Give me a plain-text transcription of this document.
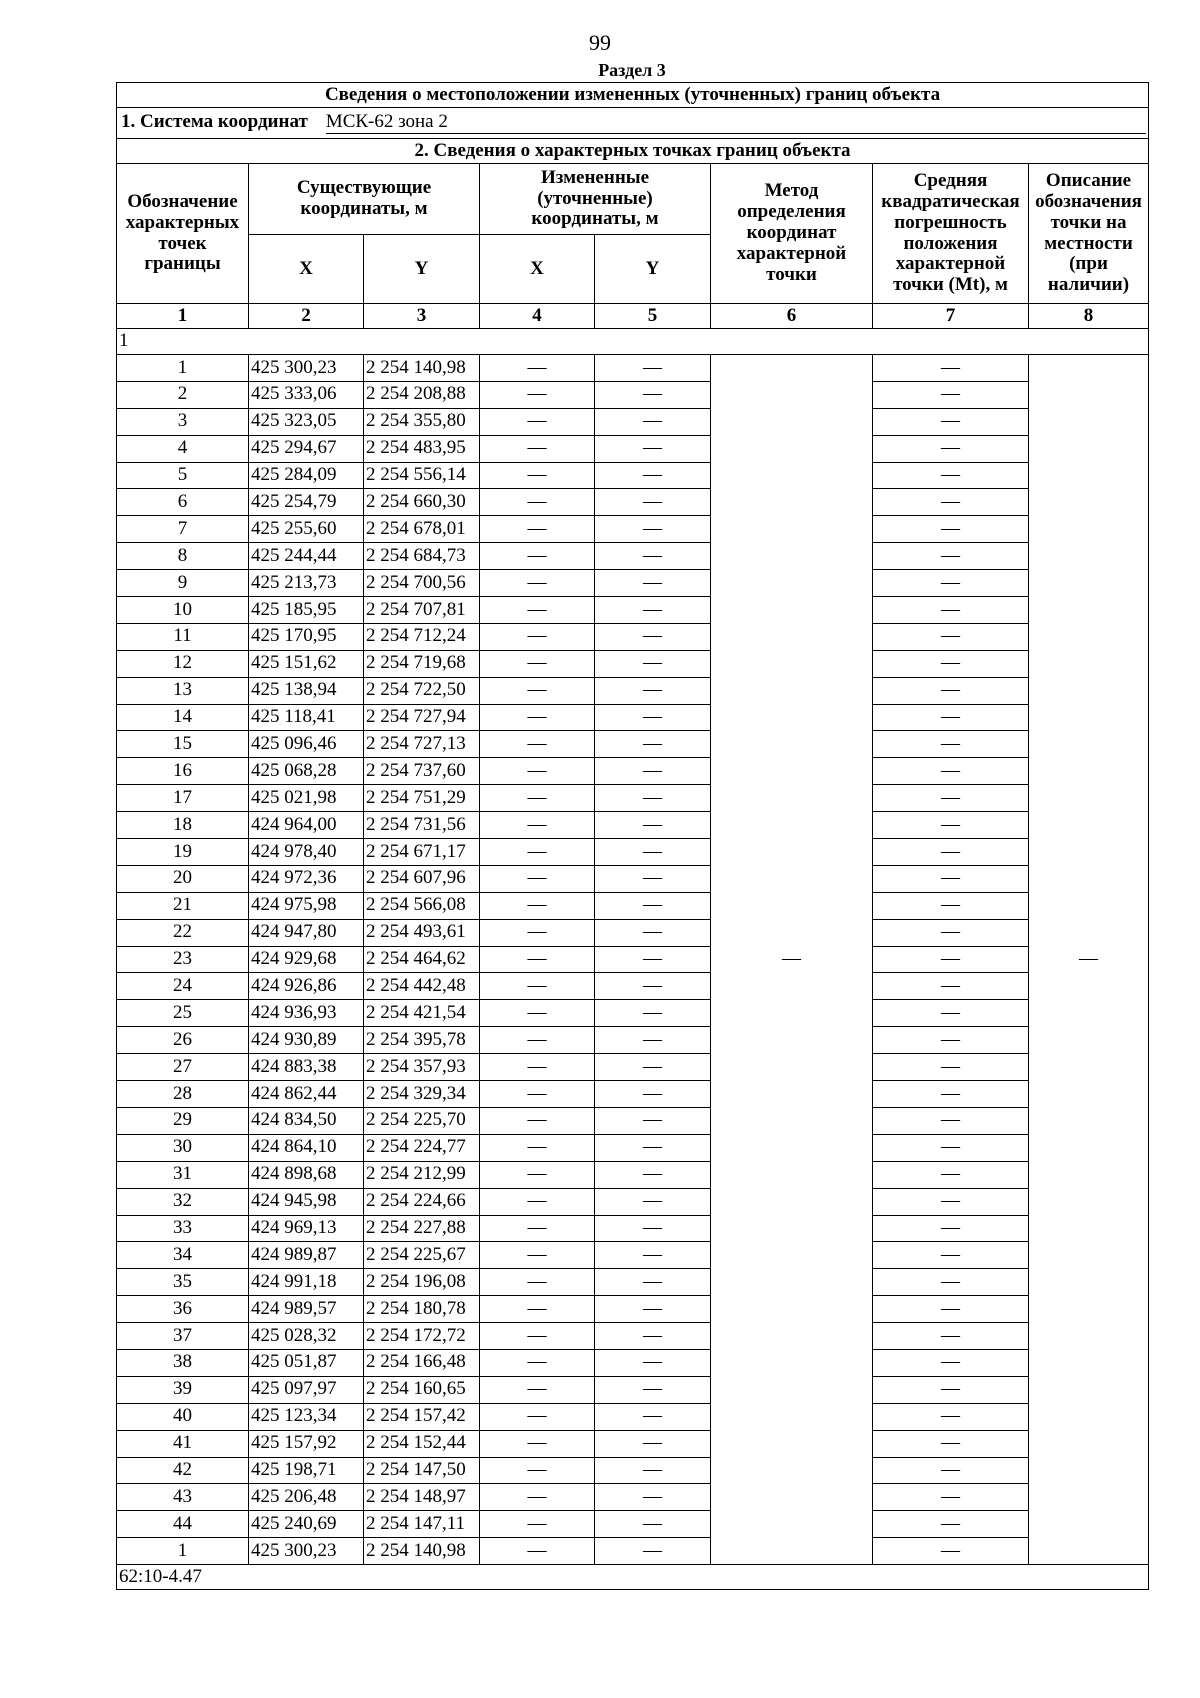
99
Раздел 3
Сведения о местоположении измененных (уточненных) границ объекта							
1. Система координат МСК-62 зона 2							
2. Сведения о характерных точках границ объекта							
Обозначение характерных точек границы	Существующие координаты, м		Измененные (уточненные) координаты, м		Метод определения координат характерной точки	Средняя квадратическая погрешность положения характерной точки (Mt), м	Описание обозначения точки на местности (при наличии)
	X	Y	X	Y			
1	2	3	4	5	6	7	8
1							
1	425 300,23	2 254 140,98	—	—	—	—	—
2	425 333,06	2 254 208,88	—	—		—	
3	425 323,05	2 254 355,80	—	—		—	
4	425 294,67	2 254 483,95	—	—		—	
5	425 284,09	2 254 556,14	—	—		—	
6	425 254,79	2 254 660,30	—	—		—	
7	425 255,60	2 254 678,01	—	—		—	
8	425 244,44	2 254 684,73	—	—		—	
9	425 213,73	2 254 700,56	—	—		—	
10	425 185,95	2 254 707,81	—	—		—	
11	425 170,95	2 254 712,24	—	—		—	
12	425 151,62	2 254 719,68	—	—		—	
13	425 138,94	2 254 722,50	—	—		—	
14	425 118,41	2 254 727,94	—	—		—	
15	425 096,46	2 254 727,13	—	—		—	
16	425 068,28	2 254 737,60	—	—		—	
17	425 021,98	2 254 751,29	—	—		—	
18	424 964,00	2 254 731,56	—	—		—	
19	424 978,40	2 254 671,17	—	—		—	
20	424 972,36	2 254 607,96	—	—		—	
21	424 975,98	2 254 566,08	—	—		—	
22	424 947,80	2 254 493,61	—	—		—	
23	424 929,68	2 254 464,62	—	—		—	
24	424 926,86	2 254 442,48	—	—		—	
25	424 936,93	2 254 421,54	—	—		—	
26	424 930,89	2 254 395,78	—	—		—	
27	424 883,38	2 254 357,93	—	—		—	
28	424 862,44	2 254 329,34	—	—		—	
29	424 834,50	2 254 225,70	—	—		—	
30	424 864,10	2 254 224,77	—	—		—	
31	424 898,68	2 254 212,99	—	—		—	
32	424 945,98	2 254 224,66	—	—		—	
33	424 969,13	2 254 227,88	—	—		—	
34	424 989,87	2 254 225,67	—	—		—	
35	424 991,18	2 254 196,08	—	—		—	
36	424 989,57	2 254 180,78	—	—		—	
37	425 028,32	2 254 172,72	—	—		—	
38	425 051,87	2 254 166,48	—	—		—	
39	425 097,97	2 254 160,65	—	—		—	
40	425 123,34	2 254 157,42	—	—		—	
41	425 157,92	2 254 152,44	—	—		—	
42	425 198,71	2 254 147,50	—	—		—	
43	425 206,48	2 254 148,97	—	—		—	
44	425 240,69	2 254 147,11	—	—		—	
1	425 300,23	2 254 140,98	—	—		—	
62:10-4.47							
